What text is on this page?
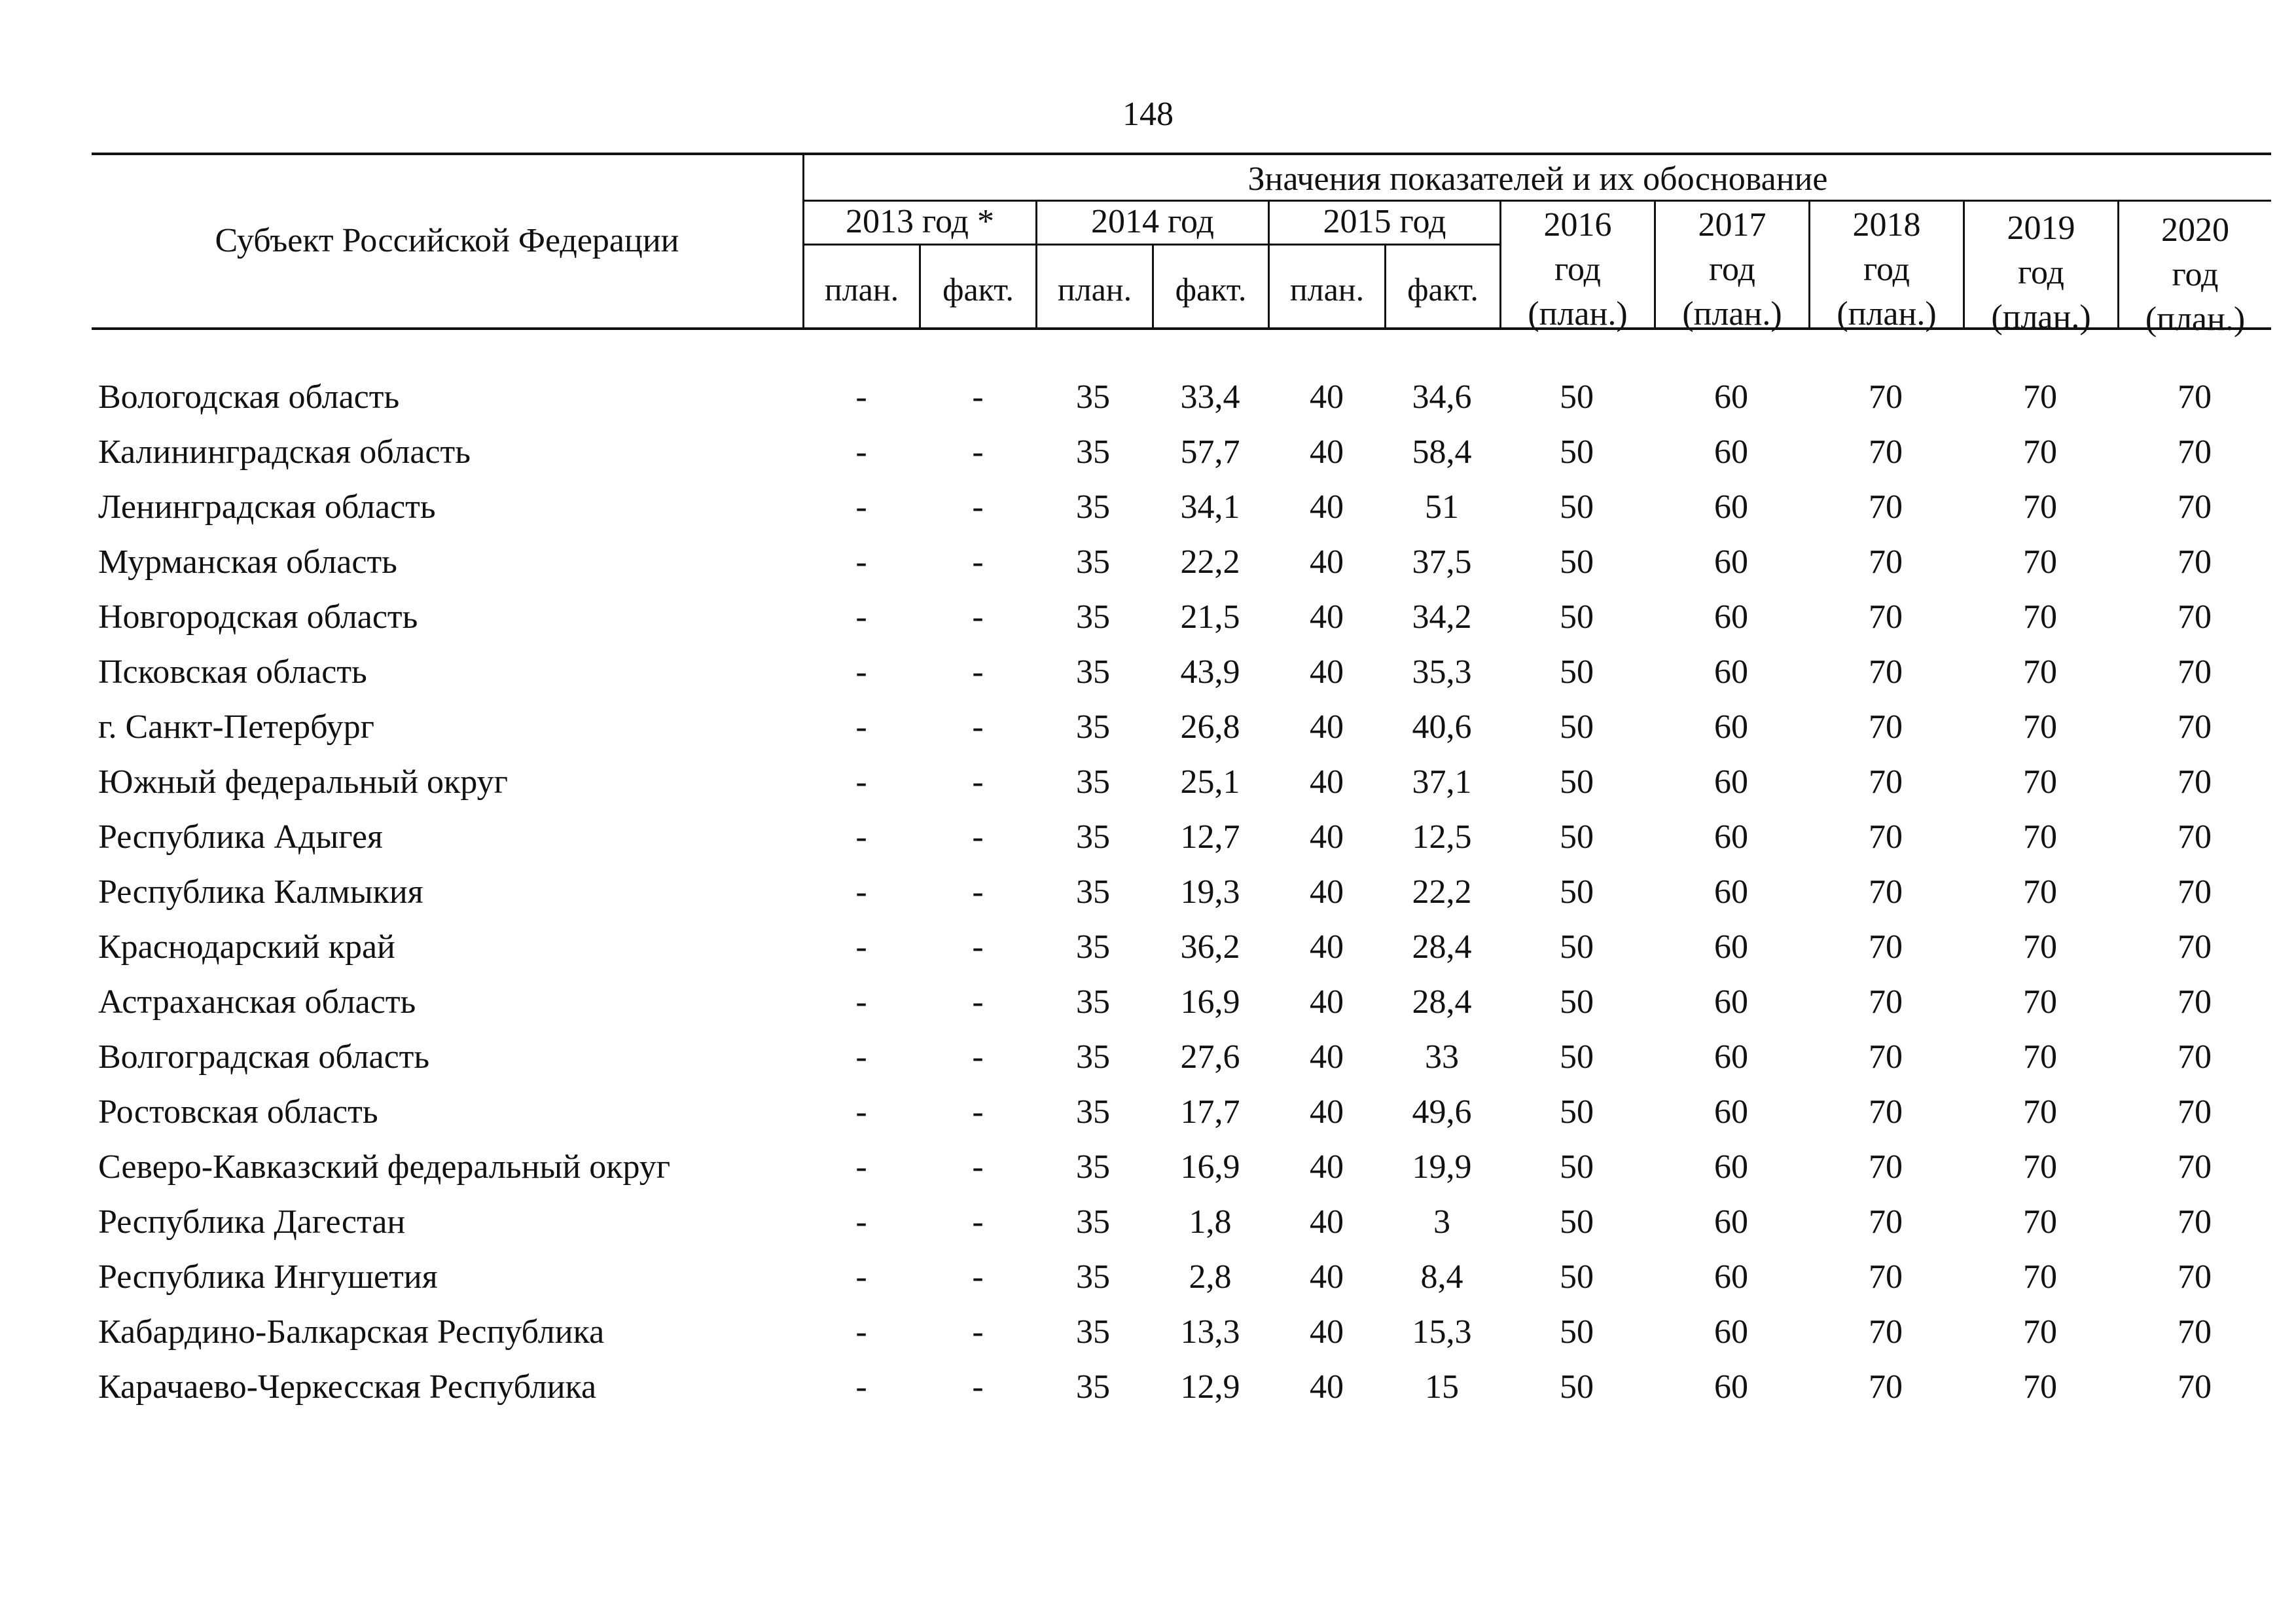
148
Субъект Российской Федерации
Значения показателей и их обоснование
2013 год *	2014 год	2015 год
план.	факт.	план.	факт.	план.	факт.
2016
год
(план.)
2017
год
(план.)
2018
год
(план.)
2019
год
(план.)
2020
год
(план.)
Вологодская область	-	-	35	33,4	40	34,6	50	60	70	70	70
Калининградская область	-	-	35	57,7	40	58,4	50	60	70	70	70
Ленинградская область	-	-	35	34,1	40	51	50	60	70	70	70
Мурманская область	-	-	35	22,2	40	37,5	50	60	70	70	70
Новгородская область	-	-	35	21,5	40	34,2	50	60	70	70	70
Псковская область	-	-	35	43,9	40	35,3	50	60	70	70	70
г. Санкт-Петербург	-	-	35	26,8	40	40,6	50	60	70	70	70
Южный федеральный округ	-	-	35	25,1	40	37,1	50	60	70	70	70
Республика Адыгея	-	-	35	12,7	40	12,5	50	60	70	70	70
Республика Калмыкия	-	-	35	19,3	40	22,2	50	60	70	70	70
Краснодарский край	-	-	35	36,2	40	28,4	50	60	70	70	70
Астраханская область	-	-	35	16,9	40	28,4	50	60	70	70	70
Волгоградская область	-	-	35	27,6	40	33	50	60	70	70	70
Ростовская область	-	-	35	17,7	40	49,6	50	60	70	70	70
Северо-Кавказский федеральный округ	-	-	35	16,9	40	19,9	50	60	70	70	70
Республика Дагестан	-	-	35	1,8	40	3	50	60	70	70	70
Республика Ингушетия	-	-	35	2,8	40	8,4	50	60	70	70	70
Кабардино-Балкарская Республика	-	-	35	13,3	40	15,3	50	60	70	70	70
Карачаево-Черкесская Республика	-	-	35	12,9	40	15	50	60	70	70	70
